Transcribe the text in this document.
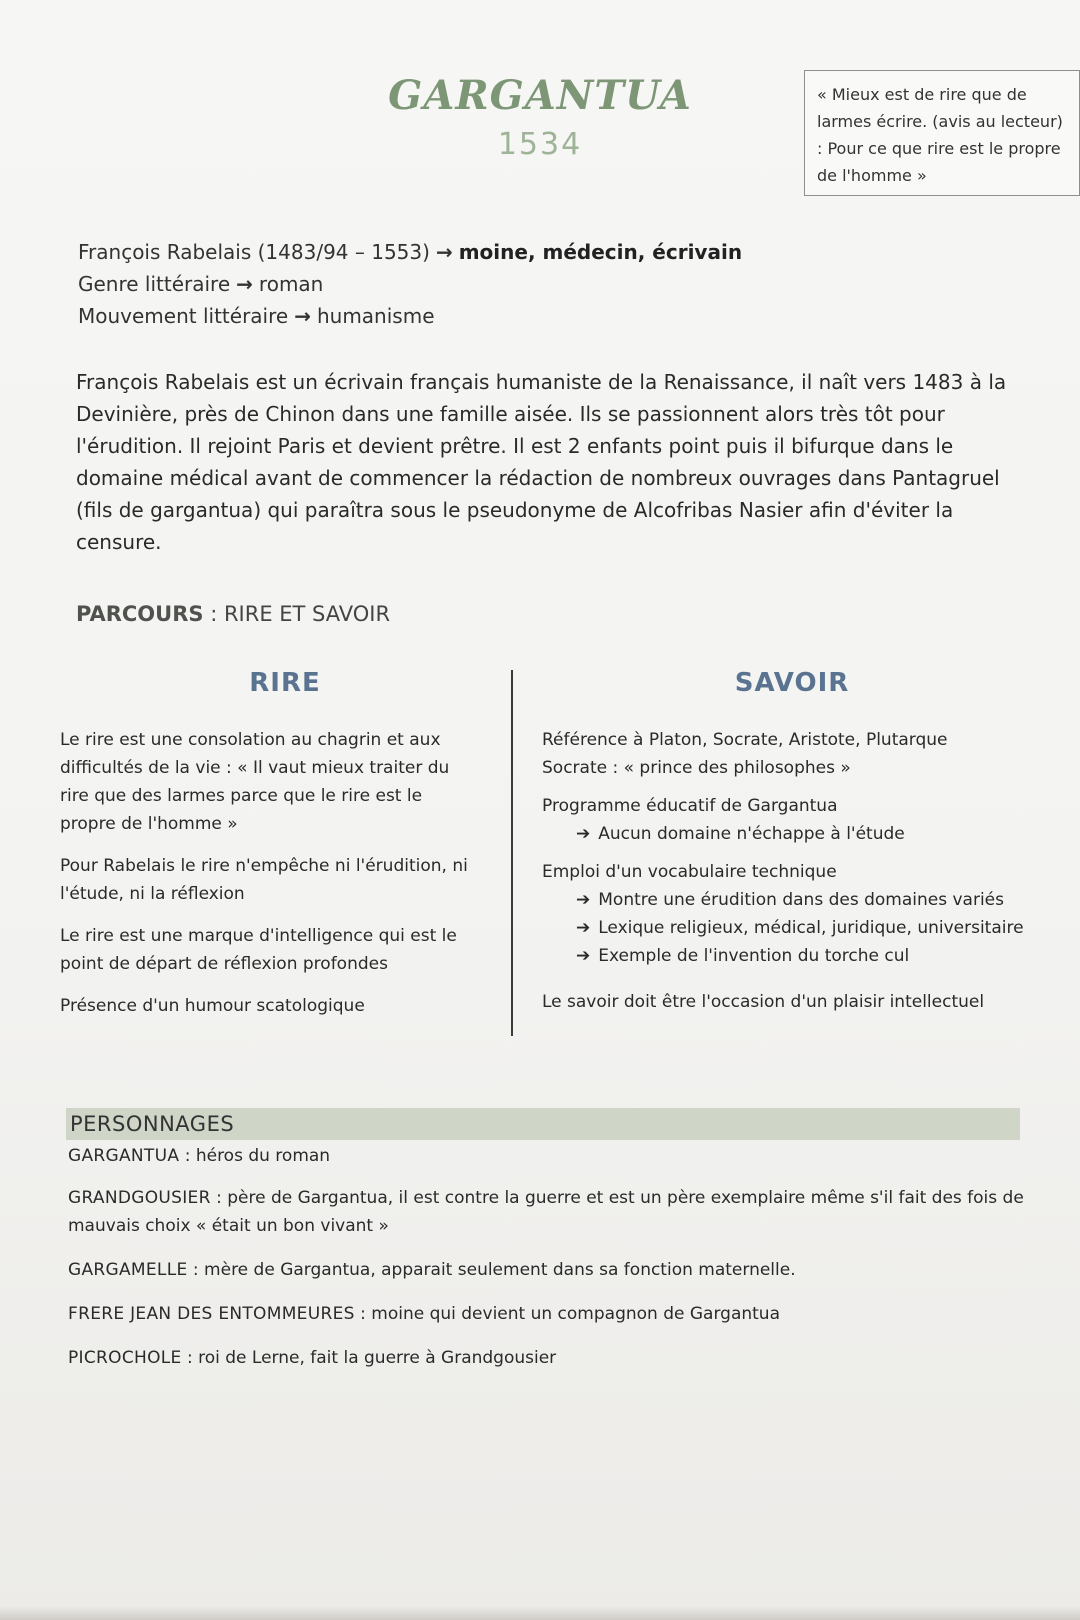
GARGANTUA
1534
« Mieux est de rire que de larmes écrire. (avis au lecteur) : Pour ce que rire est le propre de l'homme »
François Rabelais (1483/94 – 1553) → moine, médecin, écrivain
Genre littéraire → roman
Mouvement littéraire → humanisme

François Rabelais est un écrivain français humaniste de la Renaissance, il naît vers 1483 à la Devinière, près de Chinon dans une famille aisée. Ils se passionnent alors très tôt pour l'érudition. Il rejoint Paris et devient prêtre. Il est 2 enfants point puis il bifurque dans le domaine médical avant de commencer la rédaction de nombreux ouvrages dans Pantagruel (fils de gargantua) qui paraîtra sous le pseudonyme de Alcofribas Nasier afin d'éviter la censure.

PARCOURS : RIRE ET SAVOIR
RIRE

Le rire est une consolation au chagrin et aux difficultés de la vie : « Il vaut mieux traiter du rire que des larmes parce que le rire est le propre de l'homme »

Pour Rabelais le rire n'empêche ni l'érudition, ni l'étude, ni la réflexion

Le rire est une marque d'intelligence qui est le point de départ de réflexion profondes

Présence d'un humour scatologique

SAVOIR

Référence à Platon, Socrate, Aristote, Plutarque

Socrate : « prince des philosophes »

Programme éducatif de Gargantua

➔ Aucun domaine n'échappe à l'étude

Emploi d'un vocabulaire technique

➔ Montre une érudition dans des domaines variés

➔ Lexique religieux, médical, juridique, universitaire

➔ Exemple de l'invention du torche cul

Le savoir doit être l'occasion d'un plaisir intellectuel

PERSONNAGES

GARGANTUA : héros du roman

GRANDGOUSIER : père de Gargantua, il est contre la guerre et est un père exemplaire même s'il fait des fois de mauvais choix « était un bon vivant »

GARGAMELLE : mère de Gargantua, apparait seulement dans sa fonction maternelle.

FRERE JEAN DES ENTOMMEURES : moine qui devient un compagnon de Gargantua

PICROCHOLE : roi de Lerne, fait la guerre à Grandgousier
